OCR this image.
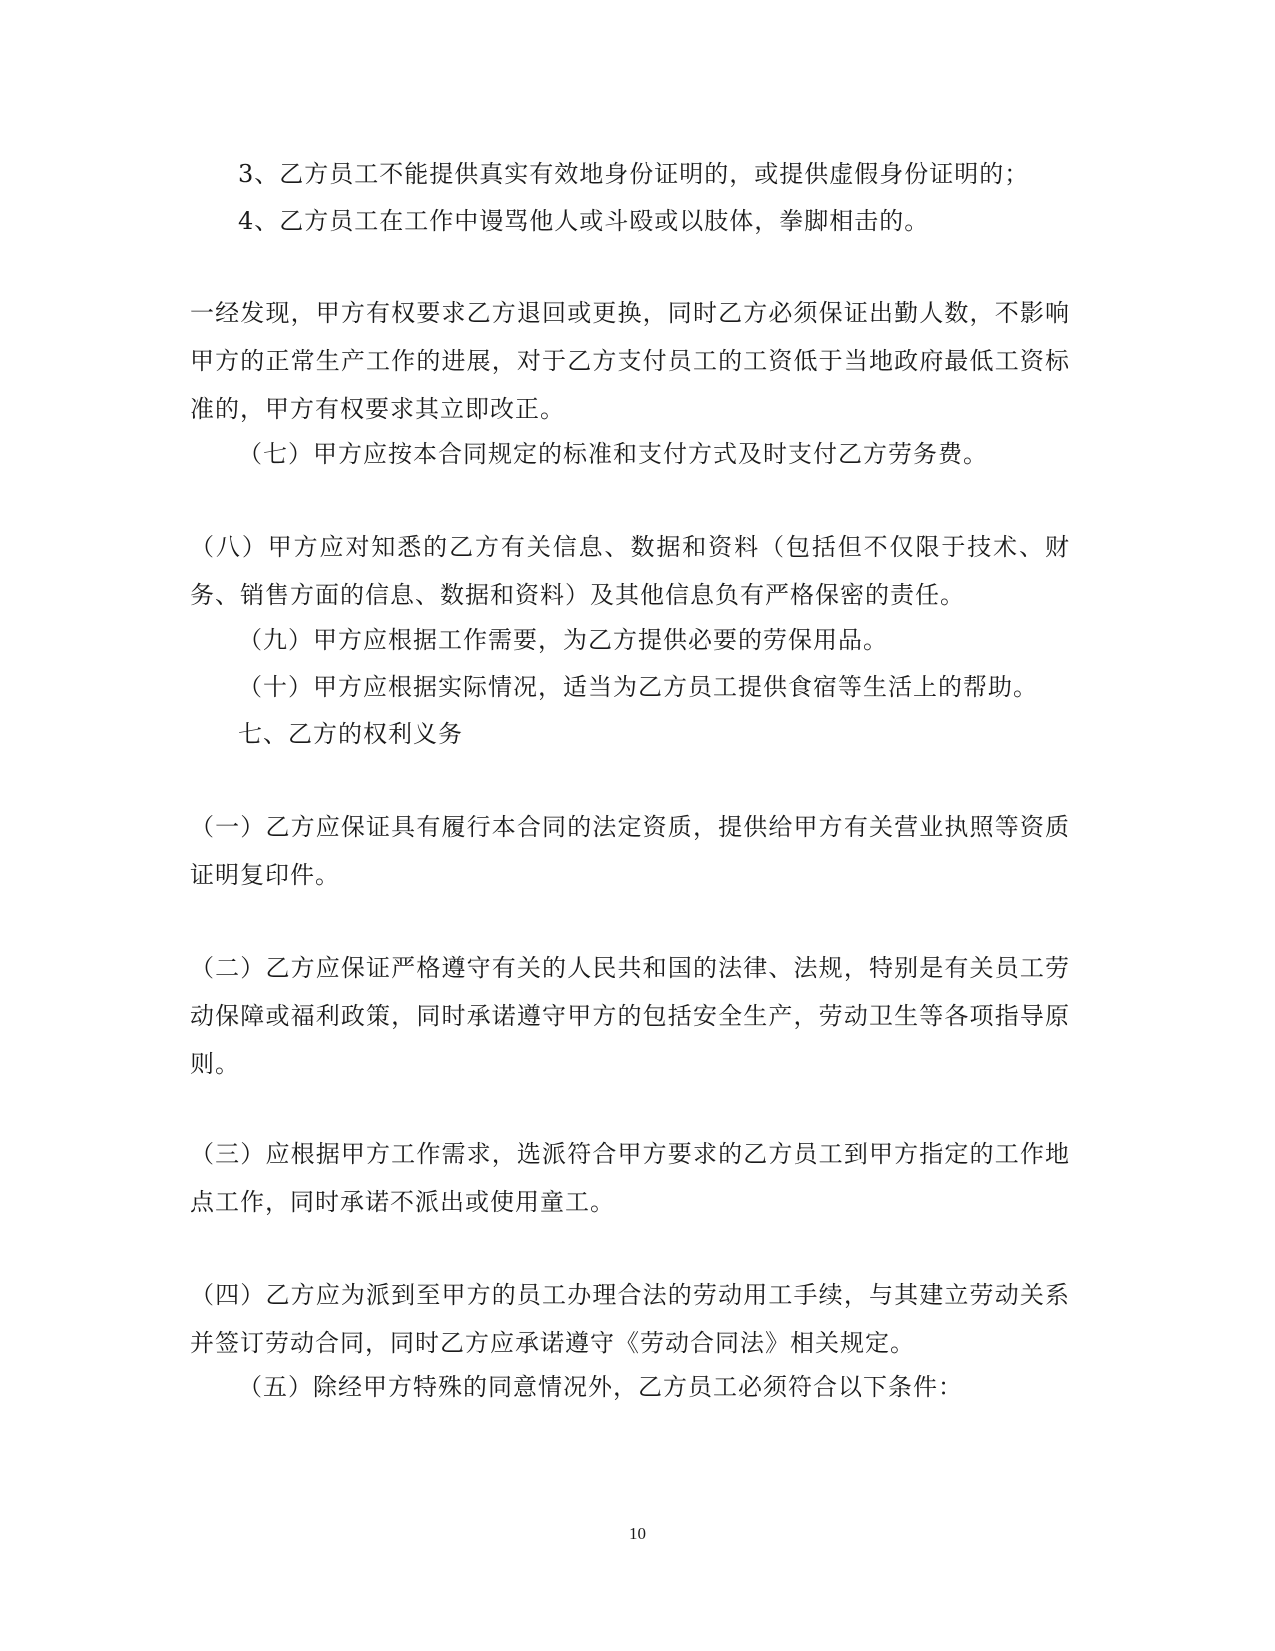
3、乙方员工不能提供真实有效地身份证明的，或提供虚假身份证明的；

4、乙方员工在工作中谩骂他人或斗殴或以肢体，拳脚相击的。

一经发现，甲方有权要求乙方退回或更换，同时乙方必须保证出勤人数，不影响甲方的正常生产工作的进展，对于乙方支付员工的工资低于当地政府最低工资标准的，甲方有权要求其立即改正。

（七）甲方应按本合同规定的标准和支付方式及时支付乙方劳务费。

（八）甲方应对知悉的乙方有关信息、数据和资料（包括但不仅限于技术、财务、销售方面的信息、数据和资料）及其他信息负有严格保密的责任。

（九）甲方应根据工作需要，为乙方提供必要的劳保用品。

（十）甲方应根据实际情况，适当为乙方员工提供食宿等生活上的帮助。

七、乙方的权利义务

（一）乙方应保证具有履行本合同的法定资质，提供给甲方有关营业执照等资质证明复印件。

（二）乙方应保证严格遵守有关的人民共和国的法律、法规，特别是有关员工劳动保障或福利政策，同时承诺遵守甲方的包括安全生产，劳动卫生等各项指导原则。

（三）应根据甲方工作需求，选派符合甲方要求的乙方员工到甲方指定的工作地点工作，同时承诺不派出或使用童工。

（四）乙方应为派到至甲方的员工办理合法的劳动用工手续，与其建立劳动关系并签订劳动合同，同时乙方应承诺遵守《劳动合同法》相关规定。

（五）除经甲方特殊的同意情况外，乙方员工必须符合以下条件：

10
